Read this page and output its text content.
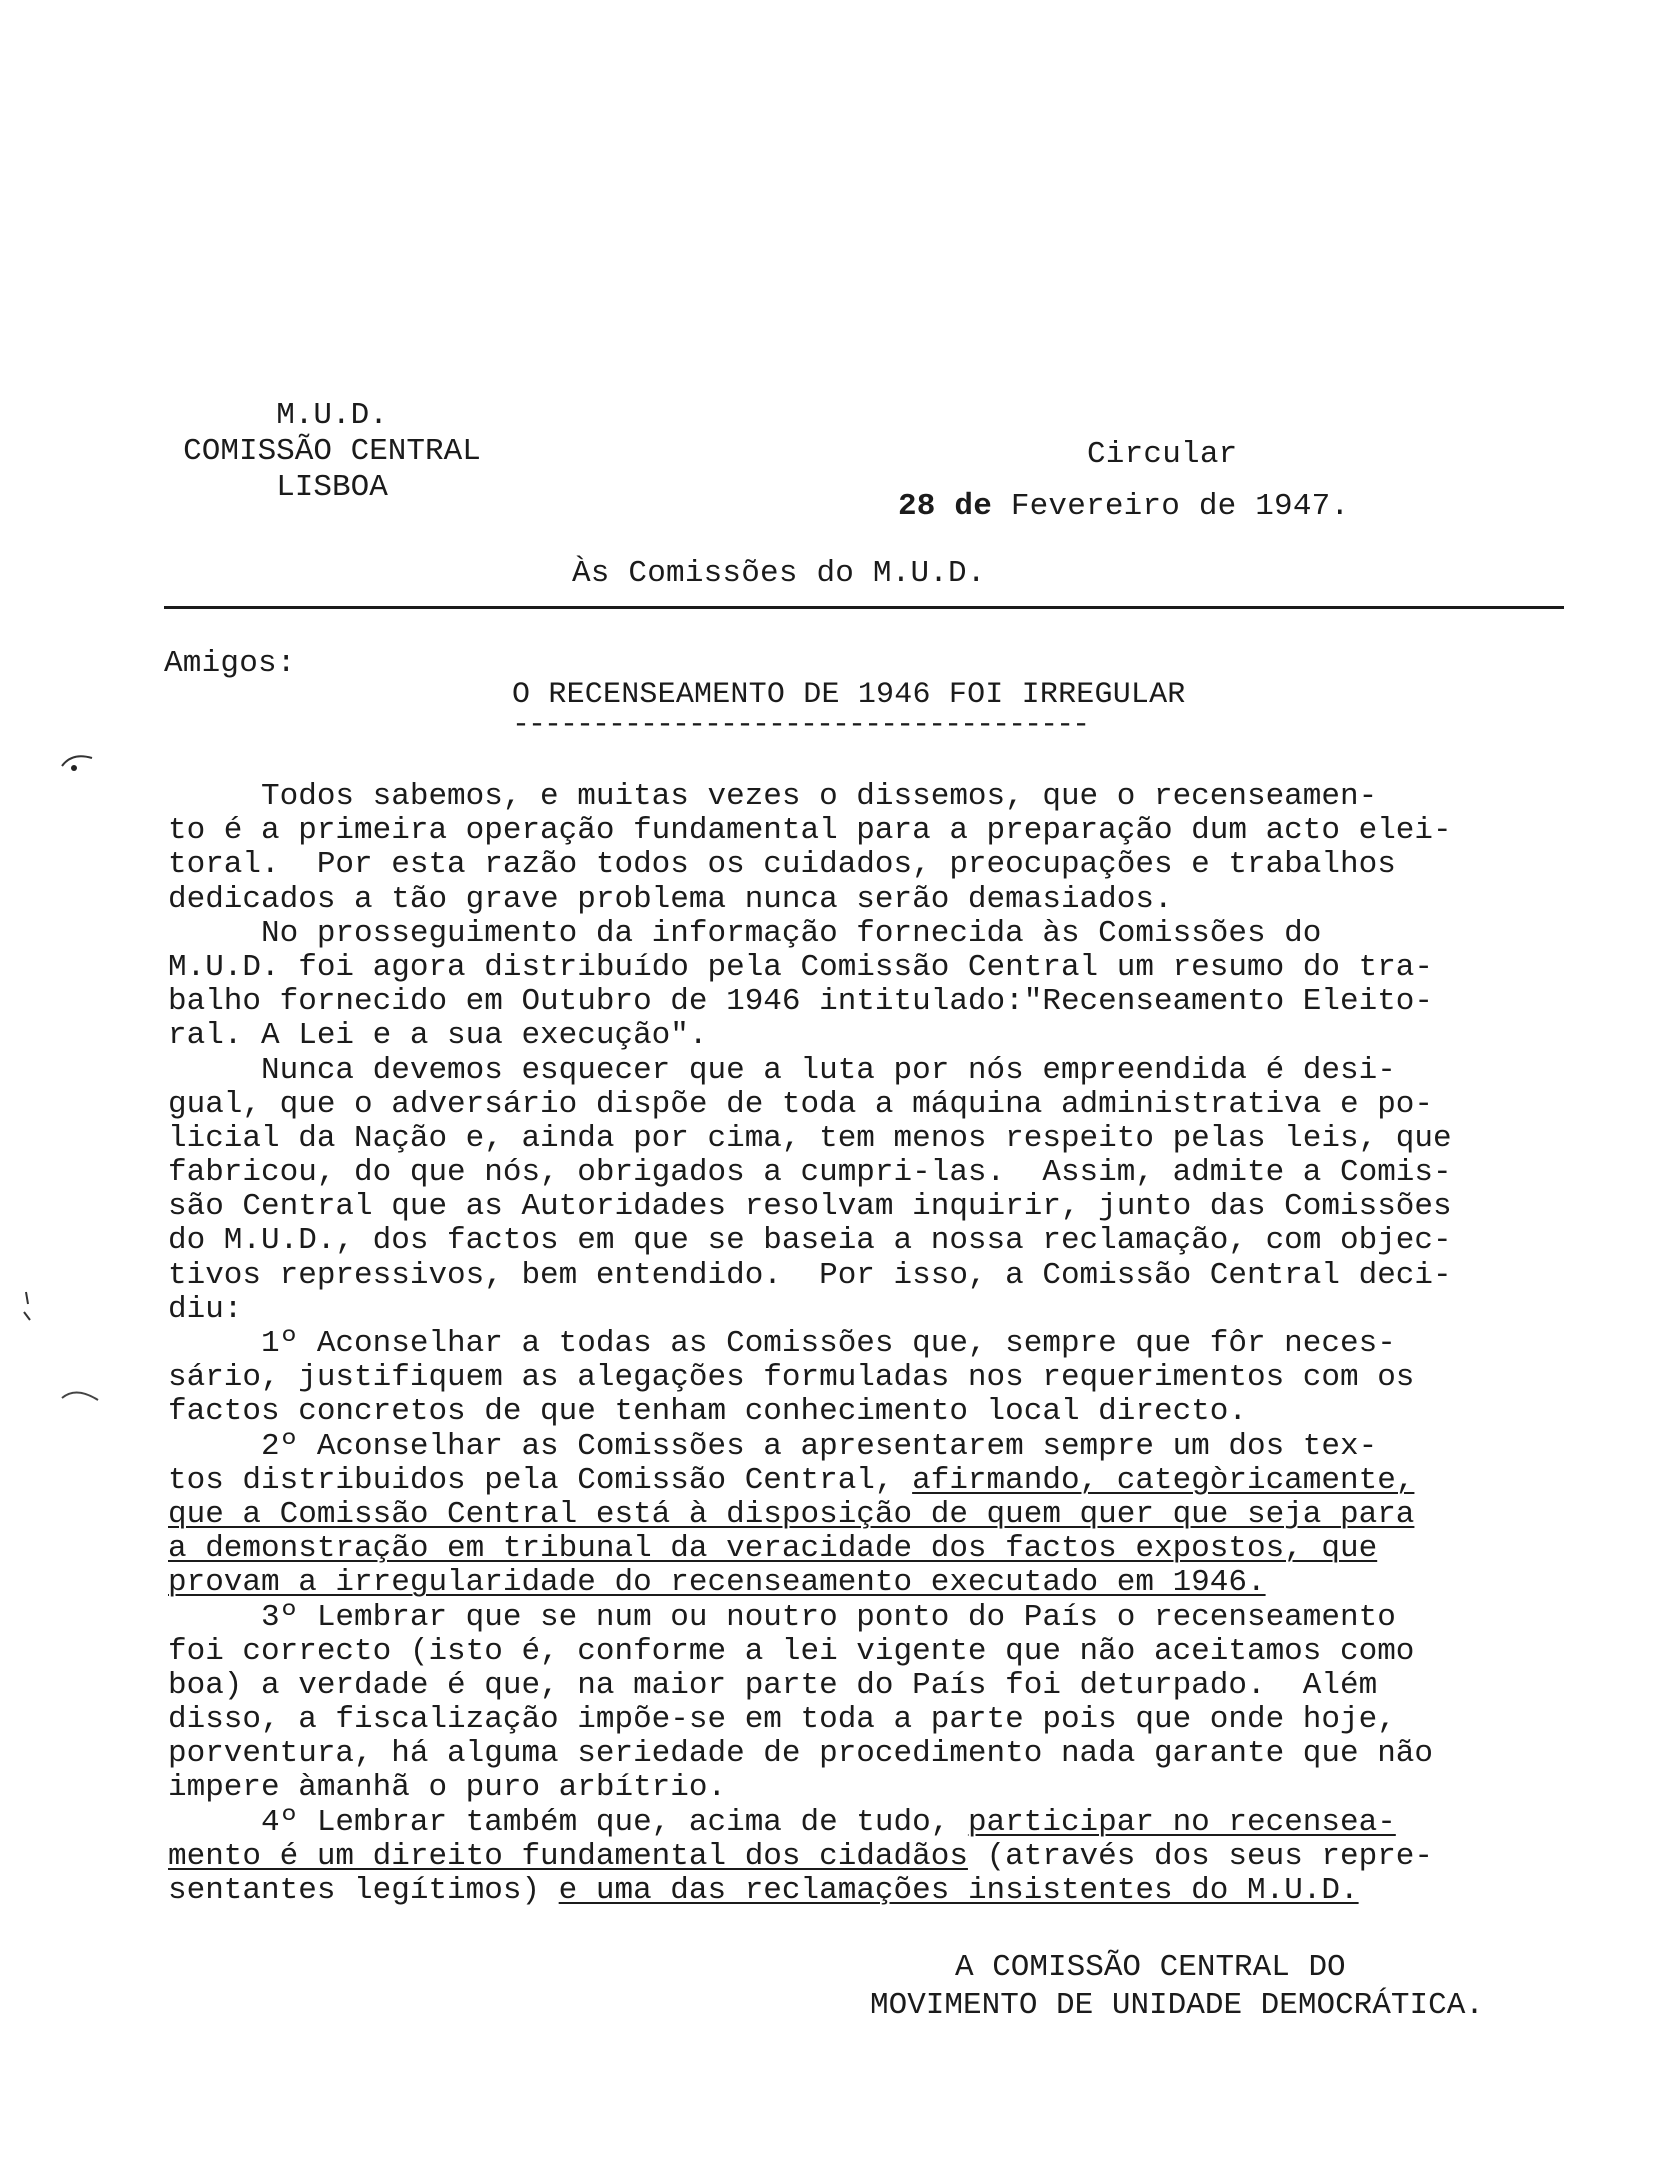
M.U.D.
COMISSÃO CENTRAL
LISBOA
Circular
28 de Fevereiro de 1947.
Às Comissões do M.U.D.
Amigos:
O RECENSEAMENTO DE 1946 FOI IRREGULAR
------------------------------------
Todos sabemos, e muitas vezes o dissemos, que o recenseamen-
to é a primeira operação fundamental para a preparação dum acto elei-
toral.  Por esta razão todos os cuidados, preocupações e trabalhos
dedicados a tão grave problema nunca serão demasiados.
No prosseguimento da informação fornecida às Comissões do
M.U.D. foi agora distribuído pela Comissão Central um resumo do tra-
balho fornecido em Outubro de 1946 intitulado:"Recenseamento Eleito-
ral. A Lei e a sua execução".
Nunca devemos esquecer que a luta por nós empreendida é desi-
gual, que o adversário dispõe de toda a máquina administrativa e po-
licial da Nação e, ainda por cima, tem menos respeito pelas leis, que
fabricou, do que nós, obrigados a cumpri-las.  Assim, admite a Comis-
são Central que as Autoridades resolvam inquirir, junto das Comissões
do M.U.D., dos factos em que se baseia a nossa reclamação, com objec-
tivos repressivos, bem entendido.  Por isso, a Comissão Central deci-
diu:
1º Aconselhar a todas as Comissões que, sempre que fôr neces-
sário, justifiquem as alegações formuladas nos requerimentos com os
factos concretos de que tenham conhecimento local directo.
2º Aconselhar as Comissões a apresentarem sempre um dos tex-
tos distribuidos pela Comissão Central, afirmando, categòricamente,
que a Comissão Central está à disposição de quem quer que seja para
a demonstração em tribunal da veracidade dos factos expostos, que
provam a irregularidade do recenseamento executado em 1946.
3º Lembrar que se num ou noutro ponto do País o recenseamento
foi correcto (isto é, conforme a lei vigente que não aceitamos como
boa) a verdade é que, na maior parte do País foi deturpado.  Além
disso, a fiscalização impõe-se em toda a parte pois que onde hoje,
porventura, há alguma seriedade de procedimento nada garante que não
impere àmanhã o puro arbítrio.
4º Lembrar também que, acima de tudo, participar no recensea-
mento é um direito fundamental dos cidadãos (através dos seus repre-
sentantes legítimos) e uma das reclamações insistentes do M.U.D.
A COMISSÃO CENTRAL DO
MOVIMENTO DE UNIDADE DEMOCRÁTICA.
